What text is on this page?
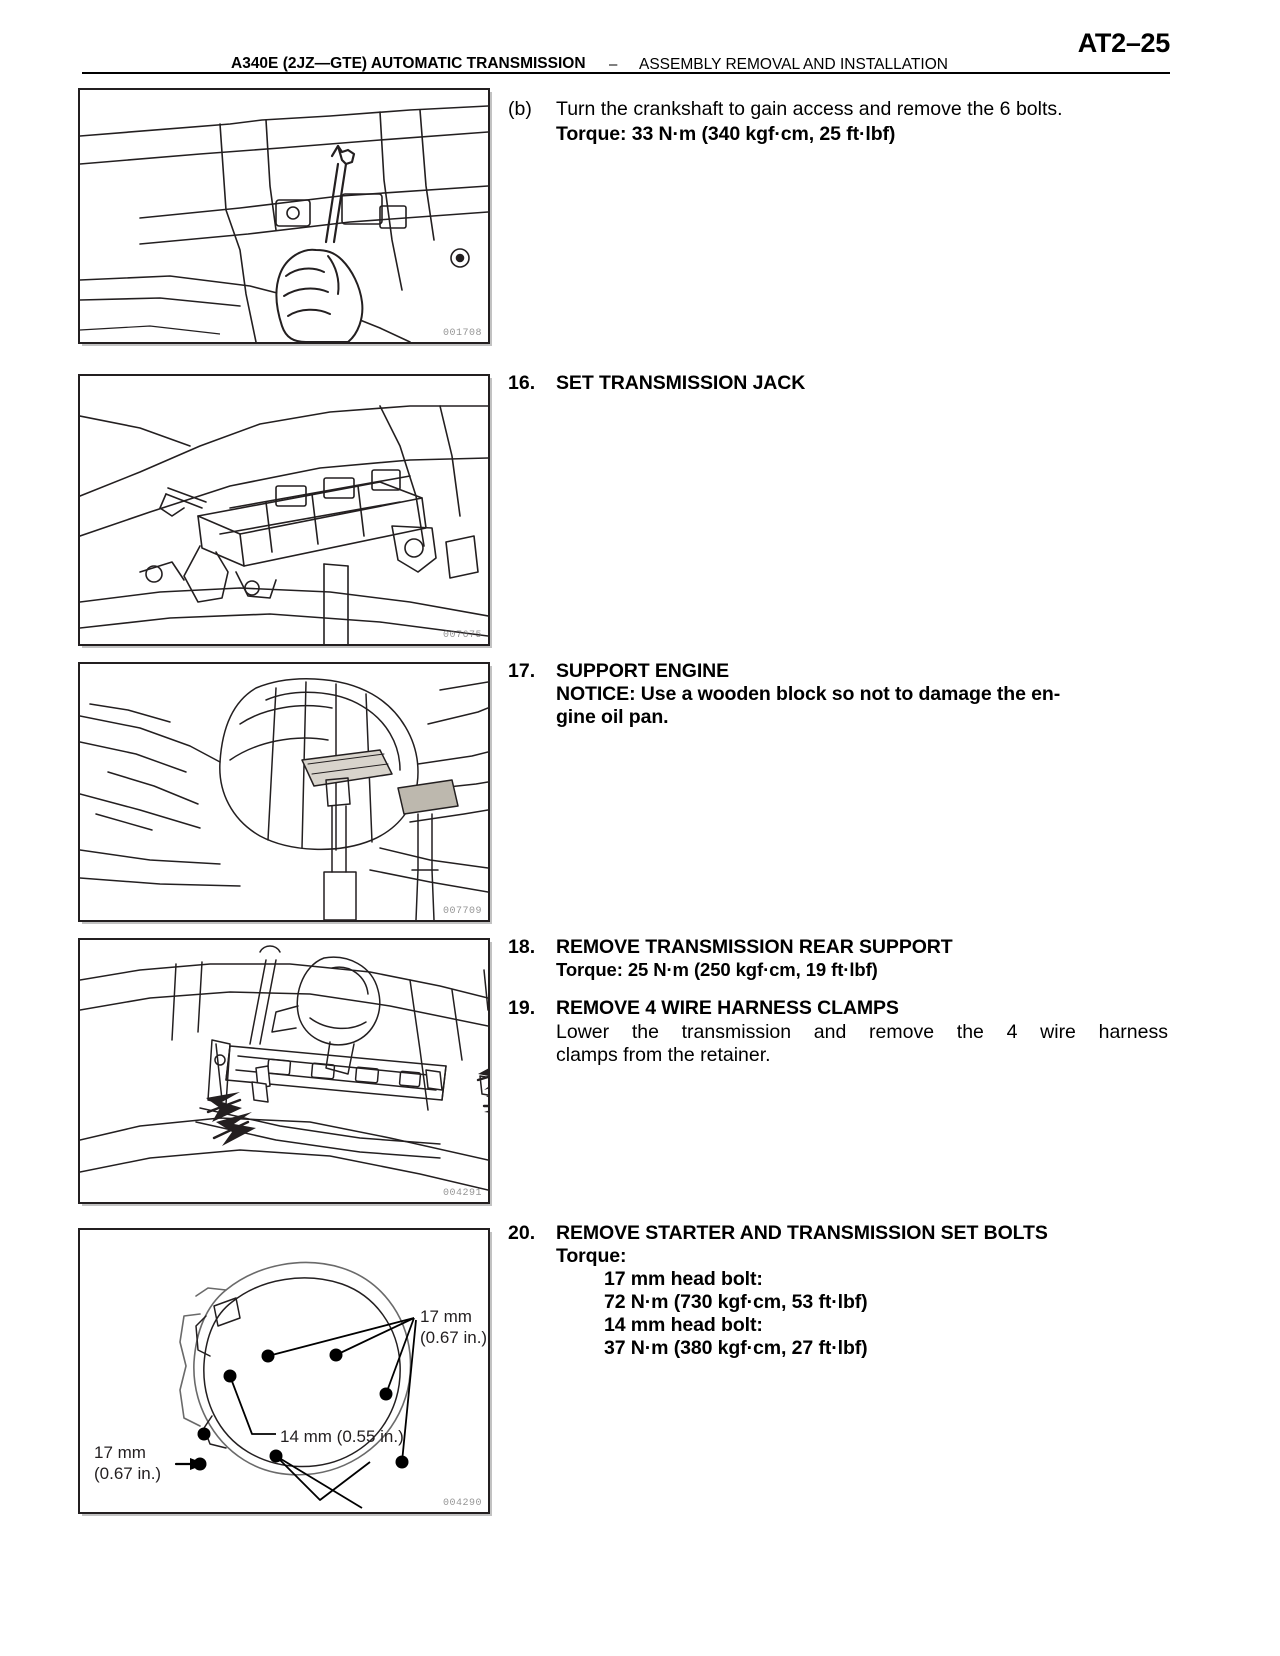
AT2–25
A340E (2JZ—GTE) AUTOMATIC TRANSMISSION – ASSEMBLY REMOVAL AND INSTALLATION
001708
(b) Turn the crankshaft to gain access and remove the 6 bolts.
Torque: 33 N·m (340 kgf·cm, 25 ft·lbf)
007675
16. SET TRANSMISSION JACK
007709
17. SUPPORT ENGINE
NOTICE: Use a wooden block so not to damage the en-
gine oil pan.
004291
18. REMOVE TRANSMISSION REAR SUPPORT
Torque: 25 N·m (250 kgf·cm, 19 ft·lbf)
19. REMOVE 4 WIRE HARNESS CLAMPS
Lower the transmission and remove the 4 wire harness
clamps from the retainer.
17 mm
(0.67 in.)
14 mm (0.55 in.)
17 mm
(0.67 in.)
004290
20. REMOVE STARTER AND TRANSMISSION SET BOLTS
Torque:
17 mm head bolt:
72 N·m (730 kgf·cm, 53 ft·lbf)
14 mm head bolt:
37 N·m (380 kgf·cm, 27 ft·lbf)
